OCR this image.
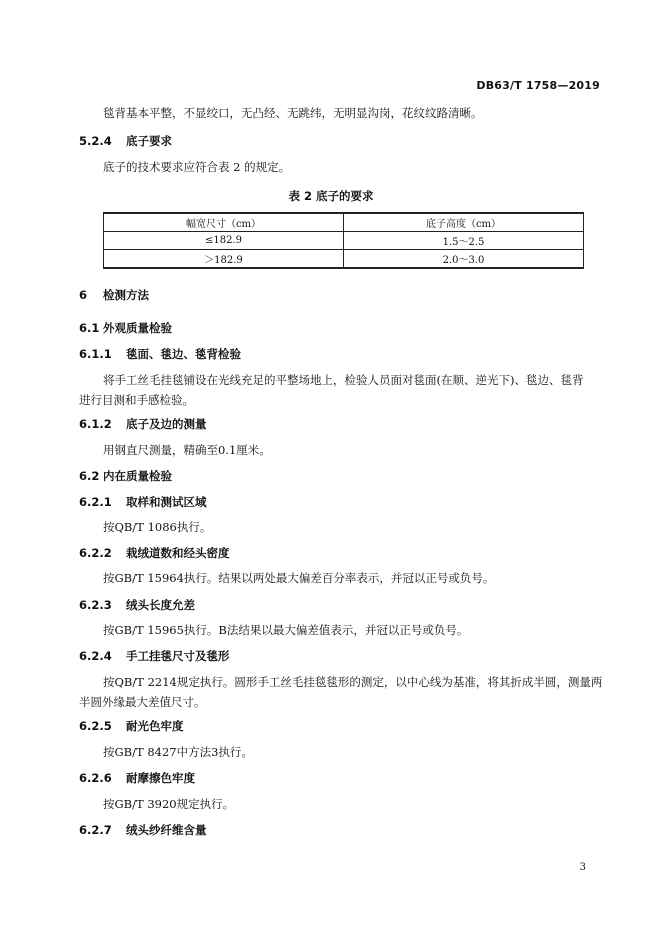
DB63/T 1758—2019
毯背基本平整，不显绞口，无凸经、无跳纬，无明显沟岗，花纹纹路清晰。
5.2.4 底子要求
底子的技术要求应符合表 2 的规定。
表 2 底子的要求
幅宽尺寸（cm）	底子高度（cm）
≤182.9	1.5～2.5
＞182.9	2.0～3.0
6 检测方法
6.1 外观质量检验
6.1.1 毯面、毯边、毯背检验
将手工丝毛挂毯铺设在光线充足的平整场地上，检验人员面对毯面(在顺、逆光下)、毯边、毯背
进行目测和手感检验。
6.1.2 底子及边的测量
用钢直尺测量，精确至0.1厘米。
6.2 内在质量检验
6.2.1 取样和测试区域
按QB/T 1086执行。
6.2.2 栽绒道数和经头密度
按GB/T 15964执行。结果以两处最大偏差百分率表示，并冠以正号或负号。
6.2.3 绒头长度允差
按GB/T 15965执行。B法结果以最大偏差值表示，并冠以正号或负号。
6.2.4 手工挂毯尺寸及毯形
按QB/T 2214规定执行。圆形手工丝毛挂毯毯形的测定，以中心线为基准，将其折成半圆，测量两
半圆外缘最大差值尺寸。
6.2.5 耐光色牢度
按GB/T 8427中方法3执行。
6.2.6 耐摩擦色牢度
按GB/T 3920规定执行。
6.2.7 绒头纱纤维含量
3
